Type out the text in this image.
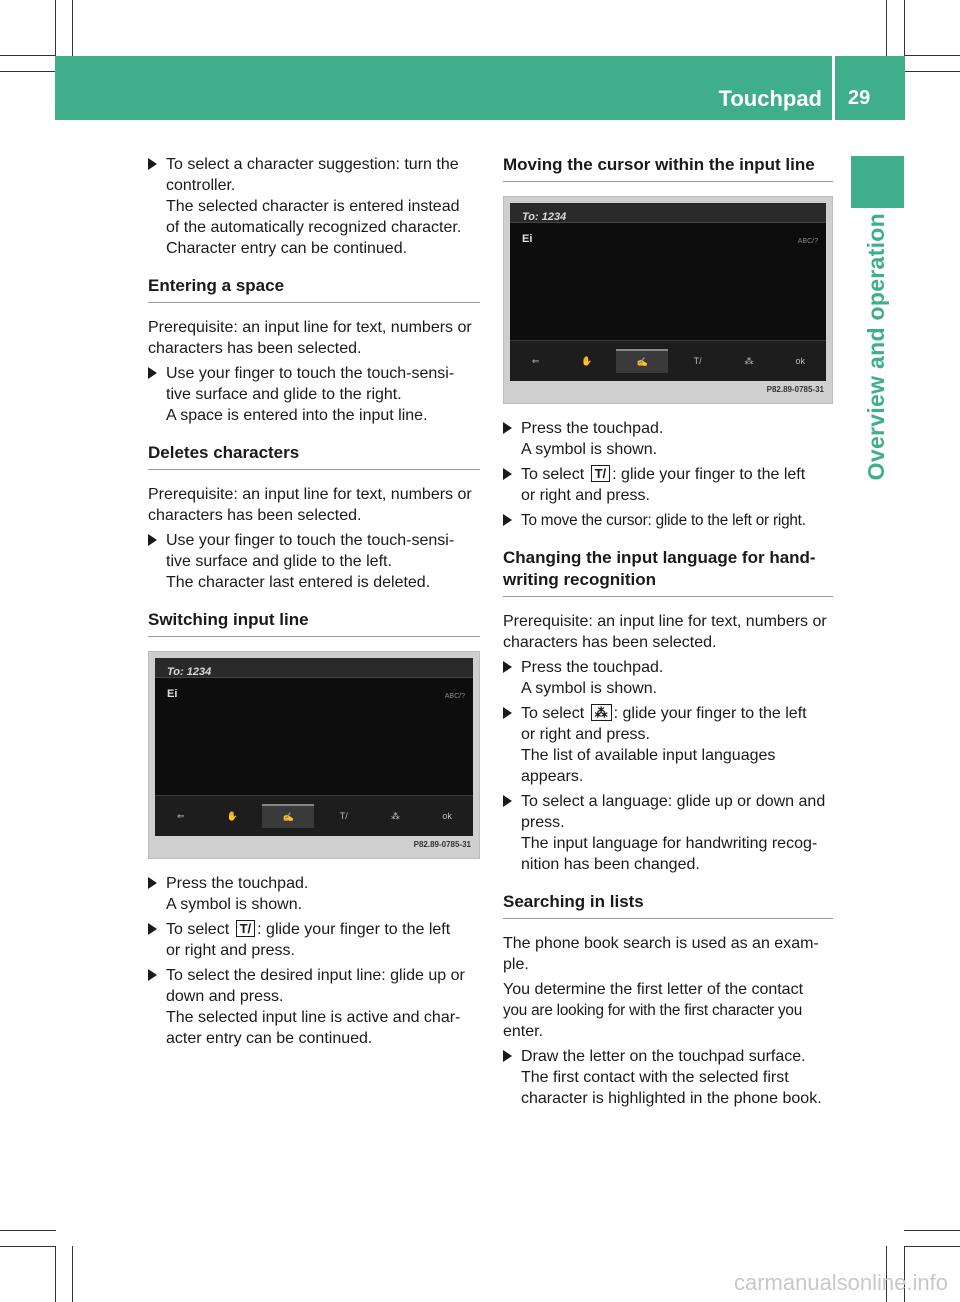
Touchpad 29
Overview and operation
To select a character suggestion: turn the
controller.
The selected character is entered instead
of the automatically recognized character.
Character entry can be continued.
Entering a space
Prerequisite: an input line for text, numbers or
characters has been selected.
Use your finger to touch the touch-sensi-
tive surface and glide to the right.
A space is entered into the input line.
Deletes characters
Prerequisite: an input line for text, numbers or
characters has been selected.
Use your finger to touch the touch-sensi-
tive surface and glide to the left.
The character last entered is deleted.
Switching input line
To: 1234
Ei	ABC/?
⇐	✋	✍	T/	⁂	ok
P82.89-0785-31
Press the touchpad.
A symbol is shown.
To select T/ : glide your finger to the left
or right and press.
To select the desired input line: glide up or
down and press.
The selected input line is active and char-
acter entry can be continued.
Moving the cursor within the input line
To: 1234
Ei	ABC/?
⇐	✋	✍	T/	⁂	ok
P82.89-0785-31
Press the touchpad.
A symbol is shown.
To select T/ : glide your finger to the left
or right and press.
To move the cursor: glide to the left or right.
Changing the input language for hand-
writing recognition
Prerequisite: an input line for text, numbers or
characters has been selected.
Press the touchpad.
A symbol is shown.
To select ⁂ : glide your finger to the left
or right and press.
The list of available input languages
appears.
To select a language: glide up or down and
press.
The input language for handwriting recog-
nition has been changed.
Searching in lists
The phone book search is used as an exam-
ple.
You determine the first letter of the contact
you are looking for with the first character you
enter.
Draw the letter on the touchpad surface.
The first contact with the selected first
character is highlighted in the phone book.
carmanualsonline.info
